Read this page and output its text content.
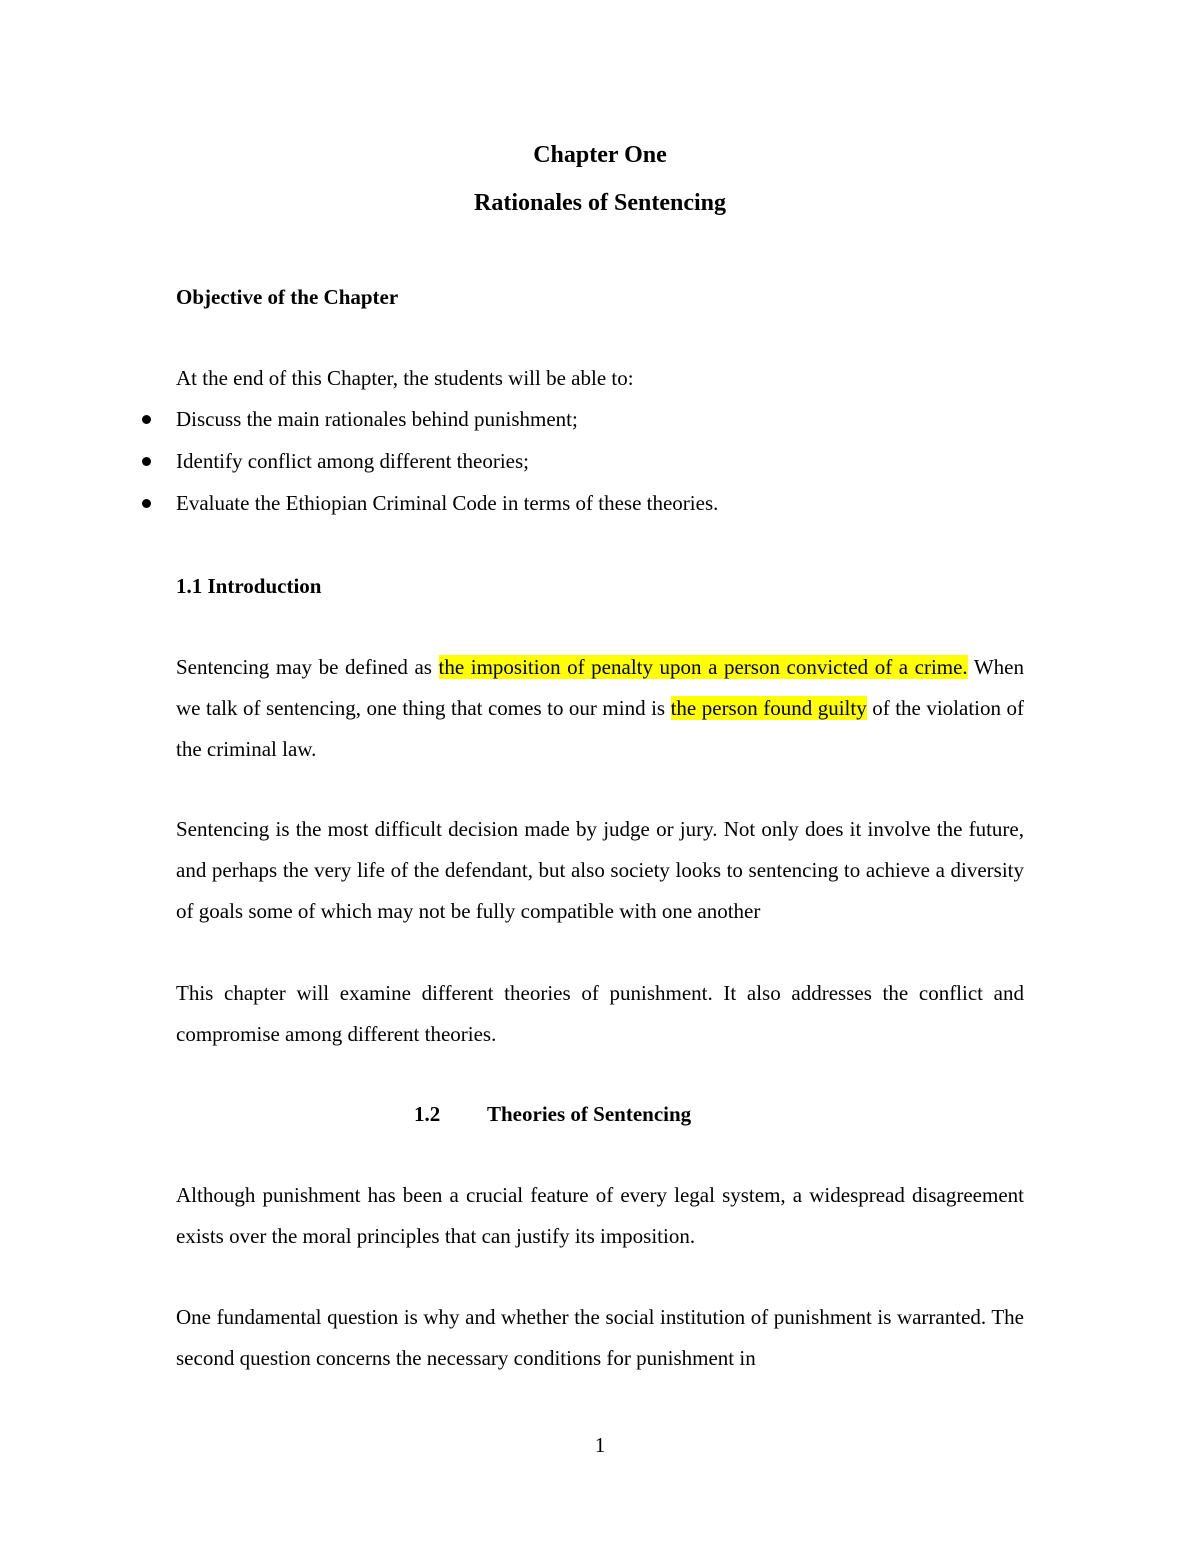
Chapter One
Rationales of Sentencing
Objective of the Chapter

At the end of this Chapter, the students will be able to:

Discuss the main rationales behind punishment;
Identify conflict among different theories;
Evaluate the Ethiopian Criminal Code in terms of these theories.
1.1 Introduction

Sentencing may be defined as the imposition of penalty upon a person convicted of a crime. When we talk of sentencing, one thing that comes to our mind is the person found guilty of the violation of the criminal law.

Sentencing is the most difficult decision made by judge or jury. Not only does it involve the future, and perhaps the very life of the defendant, but also society looks to sentencing to achieve a diversity of goals some of which may not be fully compatible with one another

This chapter will examine different theories of punishment. It also addresses the conflict and compromise among different theories.

1.2 Theories of Sentencing

Although punishment has been a crucial feature of every legal system, a widespread disagreement exists over the moral principles that can justify its imposition.

One fundamental question is why and whether the social institution of punishment is warranted. The second question concerns the necessary conditions for punishment in

1
